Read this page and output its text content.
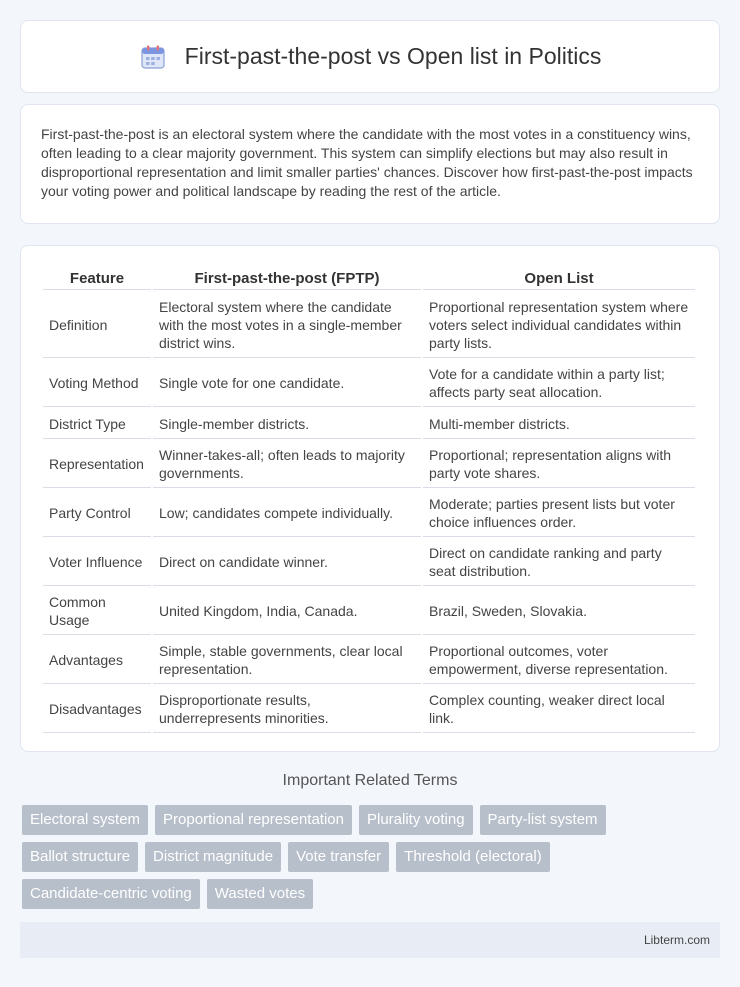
First-past-the-post vs Open list in Politics

First-past-the-post is an electoral system where the candidate with the most votes in a constituency wins, often leading to a clear majority government. This system can simplify elections but may also result in disproportional representation and limit smaller parties' chances. Discover how first-past-the-post impacts your voting power and political landscape by reading the rest of the article.

Feature	First-past-the-post (FPTP)	Open List
Definition	Electoral system where the candidate with the most votes in a single-member district wins.	Proportional representation system where voters select individual candidates within party lists.
Voting Method	Single vote for one candidate.	Vote for a candidate within a party list; affects party seat allocation.
District Type	Single-member districts.	Multi-member districts.
Representation	Winner-takes-all; often leads to majority governments.	Proportional; representation aligns with party vote shares.
Party Control	Low; candidates compete individually.	Moderate; parties present lists but voter choice influences order.
Voter Influence	Direct on candidate winner.	Direct on candidate ranking and party seat distribution.
Common Usage	United Kingdom, India, Canada.	Brazil, Sweden, Slovakia.
Advantages	Simple, stable governments, clear local representation.	Proportional outcomes, voter empowerment, diverse representation.
Disadvantages	Disproportionate results, underrepresents minorities.	Complex counting, weaker direct local link.
Important Related Terms
Electoral system	Proportional representation	Plurality voting	Party-list system
Ballot structure	District magnitude	Vote transfer	Threshold (electoral)
Candidate-centric voting	Wasted votes
Libterm.com
